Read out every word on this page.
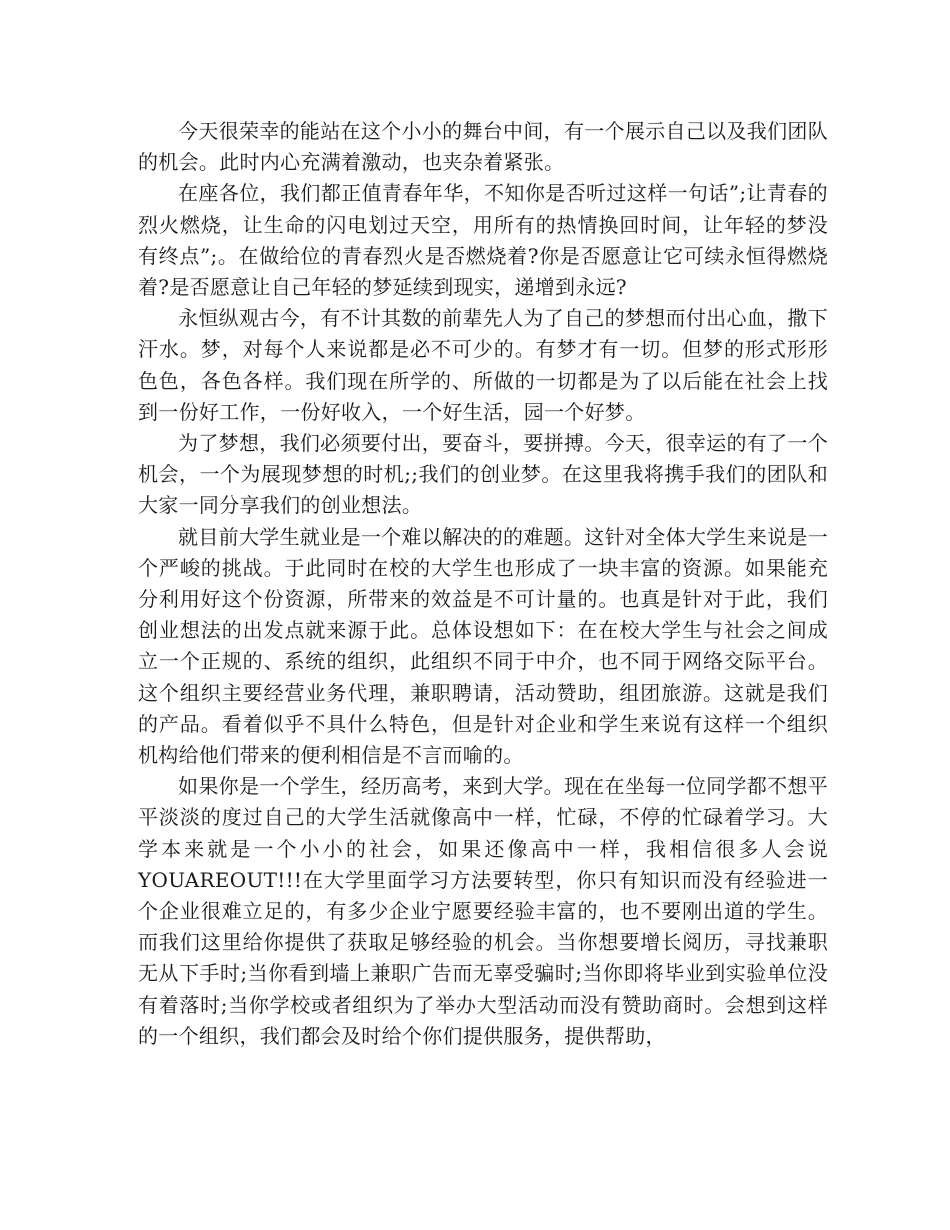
今天很荣幸的能站在这个小小的舞台中间，有一个展示自己以及我们团队的机会。此时内心充满着激动，也夹杂着紧张。

在座各位，我们都正值青春年华，不知你是否听过这样一句话”;让青春的烈火燃烧，让生命的闪电划过天空，用所有的热情换回时间，让年轻的梦没有终点”;。在做给位的青春烈火是否燃烧着?你是否愿意让它可续永恒得燃烧着?是否愿意让自己年轻的梦延续到现实，递增到永远?

永恒纵观古今，有不计其数的前辈先人为了自己的梦想而付出心血，撒下汗水。梦，对每个人来说都是必不可少的。有梦才有一切。但梦的形式形形色色，各色各样。我们现在所学的、所做的一切都是为了以后能在社会上找到一份好工作，一份好收入，一个好生活，园一个好梦。

为了梦想，我们必须要付出，要奋斗，要拼搏。今天，很幸运的有了一个机会，一个为展现梦想的时机;;我们的创业梦。在这里我将携手我们的团队和大家一同分享我们的创业想法。

就目前大学生就业是一个难以解决的的难题。这针对全体大学生来说是一个严峻的挑战。于此同时在校的大学生也形成了一块丰富的资源。如果能充分利用好这个份资源，所带来的效益是不可计量的。也真是针对于此，我们创业想法的出发点就来源于此。总体设想如下：在在校大学生与社会之间成立一个正规的、系统的组织，此组织不同于中介，也不同于网络交际平台。这个组织主要经营业务代理，兼职聘请，活动赞助，组团旅游。这就是我们的产品。看着似乎不具什么特色，但是针对企业和学生来说有这样一个组织机构给他们带来的便利相信是不言而喻的。

如果你是一个学生，经历高考，来到大学。现在在坐每一位同学都不想平平淡淡的度过自己的大学生活就像高中一样，忙碌，不停的忙碌着学习。大学本来就是一个小小的社会，如果还像高中一样，我相信很多人会说YOUAREOUT!!!在大学里面学习方法要转型，你只有知识而没有经验进一个企业很难立足的，有多少企业宁愿要经验丰富的，也不要刚出道的学生。而我们这里给你提供了获取足够经验的机会。当你想要增长阅历，寻找兼职无从下手时;当你看到墙上兼职广告而无辜受骗时;当你即将毕业到实验单位没有着落时;当你学校或者组织为了举办大型活动而没有赞助商时。会想到这样的一个组织，我们都会及时给个你们提供服务，提供帮助，
